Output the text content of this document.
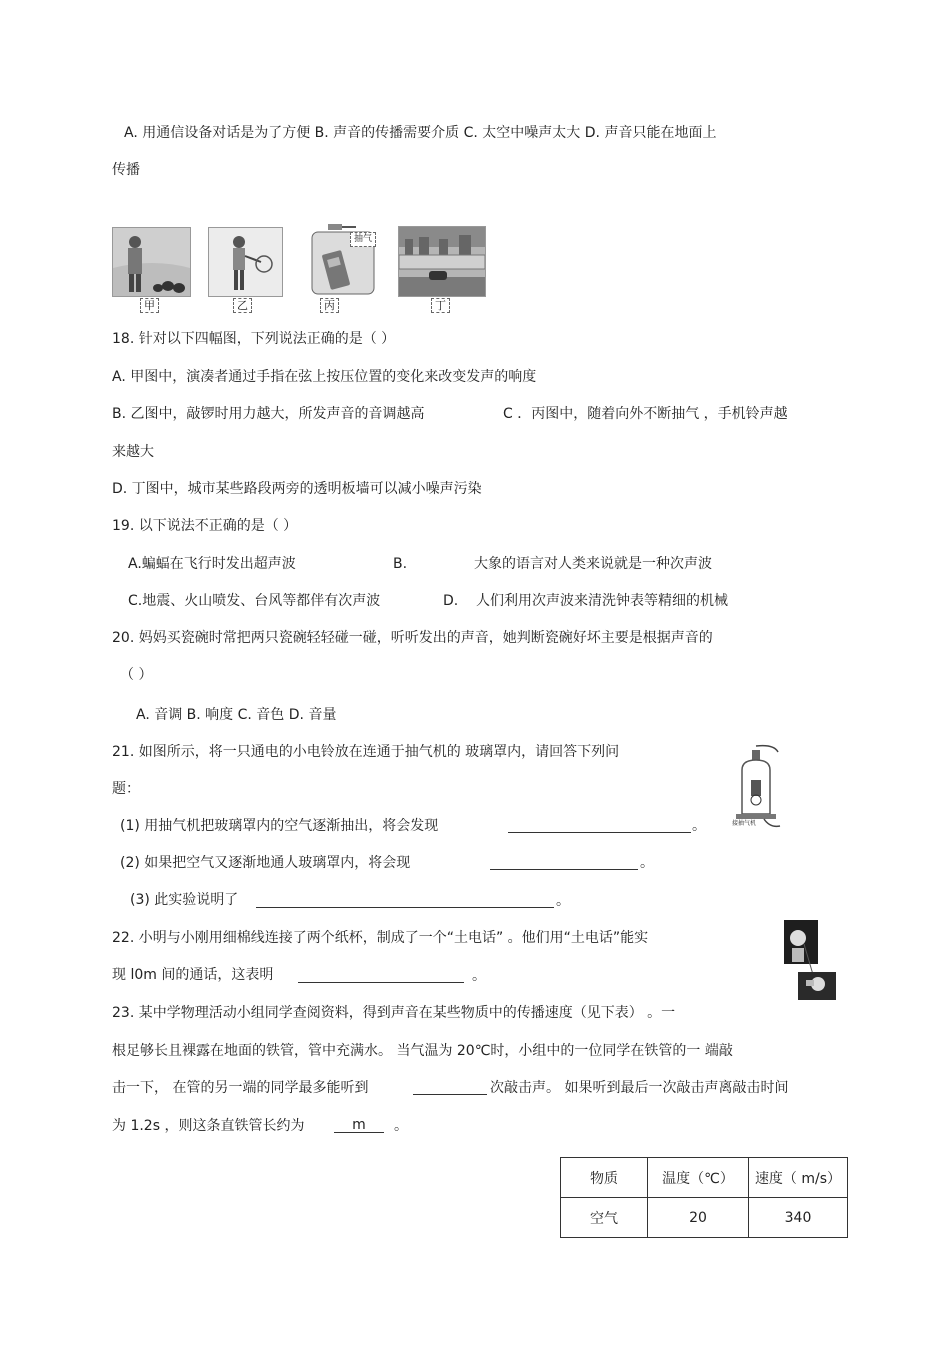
A. 用通信设备对话是为了方便 B. 声音的传播需要介质 C. 太空中噪声太大 D. 声音只能在地面上
传播
甲	乙
抽气
丙	丁
18. 针对以下四幅图，下列说法正确的是（ ）
A. 甲图中，演凑者通过手指在弦上按压位置的变化来改变发声的响度
B. 乙图中，敲锣时用力越大，所发声音的音调越高	C ．丙图中，随着向外不断抽气 ，手机铃声越
来越大
D. 丁图中，城市某些路段两旁的透明板墙可以减小噪声污染
19. 以下说法不正确的是（ ）
A.蝙蝠在飞行时发出超声波	B.	大象的语言对人类来说就是一种次声波
C.地震、火山喷发、台风等都伴有次声波	D. 人们利用次声波来清洗钟表等精细的机械
20. 妈妈买瓷碗时常把两只瓷碗轻轻碰一碰，听听发出的声音，她判断瓷碗好坏主要是根据声音的
（ ）
A. 音调 B. 响度 C. 音色 D. 音量
21. 如图所示，将一只通电的小电铃放在连通于抽气机的 玻璃罩内，请回答下列问
题：
接抽气机
(1) 用抽气机把玻璃罩内的空气逐渐抽出，将会发现	。
(2) 如果把空气又逐渐地通人玻璃罩内，将会现	。
(3) 此实验说明了	。
22. 小明与小刚用细棉线连接了两个纸杯，制成了一个“土电话” 。他们用“土电话”能实
现 l0m 间的通话，这表明	。
23. 某中学物理活动小组同学查阅资料，得到声音在某些物质中的传播速度（见下表） 。一
根足够长且裸露在地面的铁管，管中充满水。 当气温为 20℃时，小组中的一位同学在铁管的一 端敲
击一下， 在管的另一端的同学最多能听到	次敲击声。 如果听到最后一次敲击声离敲击时间
为 1.2s ，则这条直铁管长约为	m	。
物质	温度（℃）	速度（ m/s）
空气	20	340
